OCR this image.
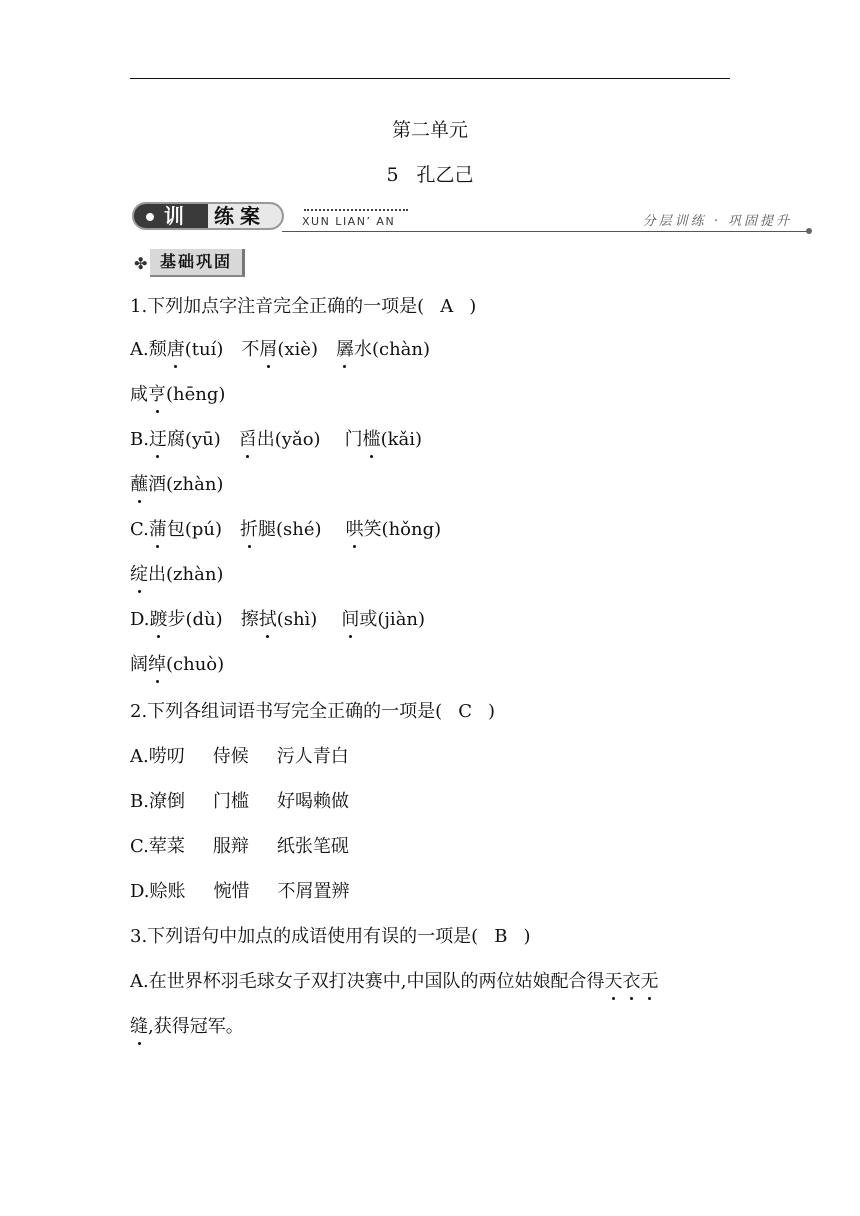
第二单元
5 孔乙己
训	练案	XUN LIAN’ AN	分层训练 · 巩固提升
✤ 基础巩固
1.下列加点字注音完全正确的一项是( A )
A.颓唐(tuí) 不屑(xiè) 羼水(chàn)
咸亨(hēng)
B.迂腐(yū) 舀出(yǎo) 门槛(kǎi)
蘸酒(zhàn)
C.蒲包(pú) 折腿(shé) 哄笑(hǒng)
绽出(zhàn)
D.踱步(dù) 擦拭(shì) 间或(jiàn)
阔绰(chuò)
2.下列各组词语书写完全正确的一项是( C )
A.唠叨 侍候 污人青白
B.潦倒 门槛 好喝赖做
C.荤菜 服辩 纸张笔砚
D.赊账 惋惜 不屑置辨
3.下列语句中加点的成语使用有误的一项是( B )
A.在世界杯羽毛球女子双打决赛中,中国队的两位姑娘配合得天衣无
缝,获得冠军。
